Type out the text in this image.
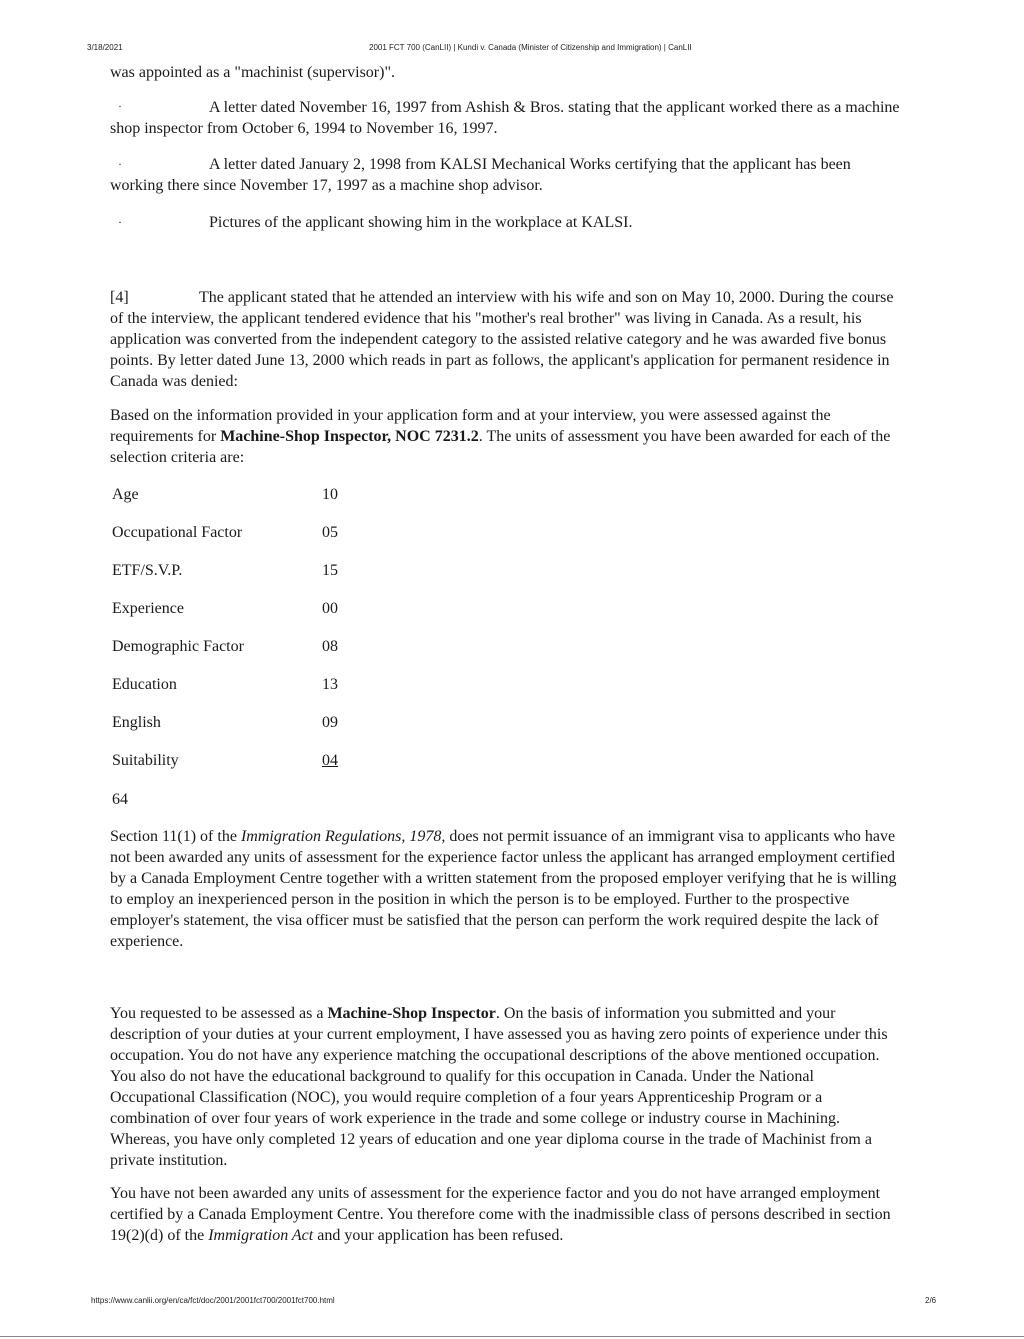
3/18/2021	2001 FCT 700 (CanLII) | Kundi v. Canada (Minister of Citizenship and Immigration) | CanLII

was appointed as a "machinist (supervisor)".

·	A letter dated November 16, 1997 from Ashish & Bros. stating that the applicant worked there as a machine shop inspector from October 6, 1994 to November 16, 1997.

·	A letter dated January 2, 1998 from KALSI Mechanical Works certifying that the applicant has been working there since November 17, 1997 as a machine shop advisor.

·	Pictures of the applicant showing him in the workplace at KALSI.

[4]	The applicant stated that he attended an interview with his wife and son on May 10, 2000. During the course of the interview, the applicant tendered evidence that his "mother's real brother" was living in Canada. As a result, his application was converted from the independent category to the assisted relative category and he was awarded five bonus points. By letter dated June 13, 2000 which reads in part as follows, the applicant's application for permanent residence in Canada was denied:

Based on the information provided in your application form and at your interview, you were assessed against the requirements for Machine-Shop Inspector, NOC 7231.2. The units of assessment you have been awarded for each of the selection criteria are:

Age	10
Occupational Factor	05
ETF/S.V.P.	15
Experience	00
Demographic Factor	08
Education	13
English	09
Suitability	04
64

Section 11(1) of the Immigration Regulations, 1978, does not permit issuance of an immigrant visa to applicants who have not been awarded any units of assessment for the experience factor unless the applicant has arranged employment certified by a Canada Employment Centre together with a written statement from the proposed employer verifying that he is willing to employ an inexperienced person in the position in which the person is to be employed. Further to the prospective employer's statement, the visa officer must be satisfied that the person can perform the work required despite the lack of experience.

You requested to be assessed as a Machine-Shop Inspector. On the basis of information you submitted and your description of your duties at your current employment, I have assessed you as having zero points of experience under this occupation. You do not have any experience matching the occupational descriptions of the above mentioned occupation. You also do not have the educational background to qualify for this occupation in Canada. Under the National Occupational Classification (NOC), you would require completion of a four years Apprenticeship Program or a combination of over four years of work experience in the trade and some college or industry course in Machining. Whereas, you have only completed 12 years of education and one year diploma course in the trade of Machinist from a private institution.

You have not been awarded any units of assessment for the experience factor and you do not have arranged employment certified by a Canada Employment Centre. You therefore come with the inadmissible class of persons described in section 19(2)(d) of the Immigration Act and your application has been refused.

https://www.canlii.org/en/ca/fct/doc/2001/2001fct700/2001fct700.html	2/6
